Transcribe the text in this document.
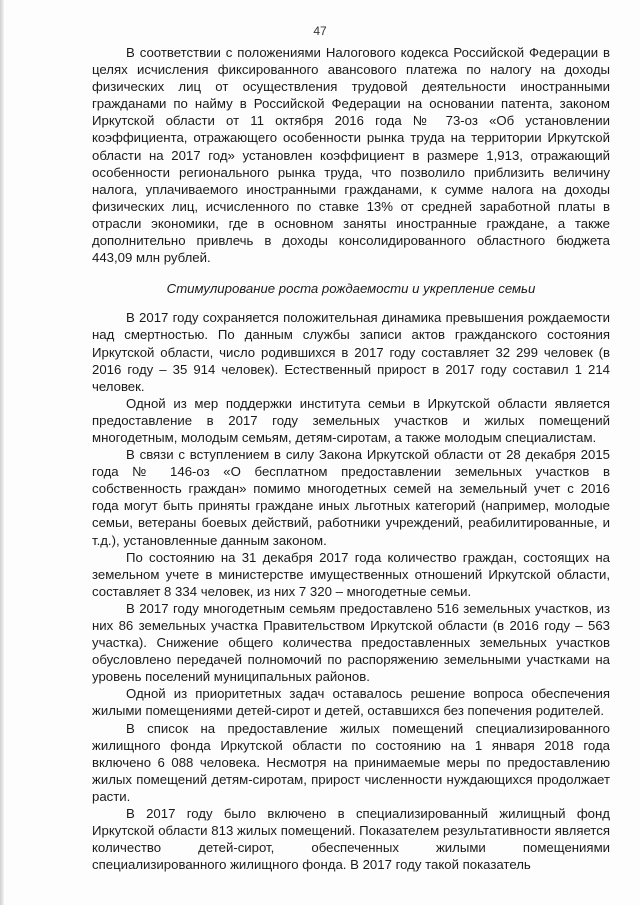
47

В соответствии с положениями Налогового кодекса Российской Федерации в целях исчисления фиксированного авансового платежа по налогу на доходы физических лиц от осуществления трудовой деятельности иностранными гражданами по найму в Российской Федерации на основании патента, законом Иркутской области от 11 октября 2016 года № 73-оз «Об установлении коэффициента, отражающего особенности рынка труда на территории Иркутской области на 2017 год» установлен коэффициент в размере 1,913, отражающий особенности регионального рынка труда, что позволило приблизить величину налога, уплачиваемого иностранными гражданами, к сумме налога на доходы физических лиц, исчисленного по ставке 13% от средней заработной платы в отрасли экономики, где в основном заняты иностранные граждане, а также дополнительно привлечь в доходы консолидированного областного бюджета 443,09 млн рублей.

Стимулирование роста рождаемости и укрепление семьи

В 2017 году сохраняется положительная динамика превышения рождаемости над смертностью. По данным службы записи актов гражданского состояния Иркутской области, число родившихся в 2017 году составляет 32 299 человек (в 2016 году – 35 914 человек). Естественный прирост в 2017 году составил 1 214 человек.

Одной из мер поддержки института семьи в Иркутской области является предоставление в 2017 году земельных участков и жилых помещений многодетным, молодым семьям, детям-сиротам, а также молодым специалистам.

В связи с вступлением в силу Закона Иркутской области от 28 декабря 2015 года № 146-оз «О бесплатном предоставлении земельных участков в собственность граждан» помимо многодетных семей на земельный учет с 2016 года могут быть приняты граждане иных льготных категорий (например, молодые семьи, ветераны боевых действий, работники учреждений, реабилитированные, и т.д.), установленные данным законом.

По состоянию на 31 декабря 2017 года количество граждан, состоящих на земельном учете в министерстве имущественных отношений Иркутской области, составляет 8 334 человек, из них 7 320 – многодетные семьи.

В 2017 году многодетным семьям предоставлено 516 земельных участков, из них 86 земельных участка Правительством Иркутской области (в 2016 году – 563 участка). Снижение общего количества предоставленных земельных участков обусловлено передачей полномочий по распоряжению земельными участками на уровень поселений муниципальных районов.

Одной из приоритетных задач оставалось решение вопроса обеспечения жилыми помещениями детей-сирот и детей, оставшихся без попечения родителей.

В список на предоставление жилых помещений специализированного жилищного фонда Иркутской области по состоянию на 1 января 2018 года включено 6 088 человека. Несмотря на принимаемые меры по предоставлению жилых помещений детям-сиротам, прирост численности нуждающихся продолжает расти.

В 2017 году было включено в специализированный жилищный фонд Иркутской области 813 жилых помещений. Показателем результативности является количество детей-сирот, обеспеченных жилыми помещениями специализированного жилищного фонда. В 2017 году такой показатель
